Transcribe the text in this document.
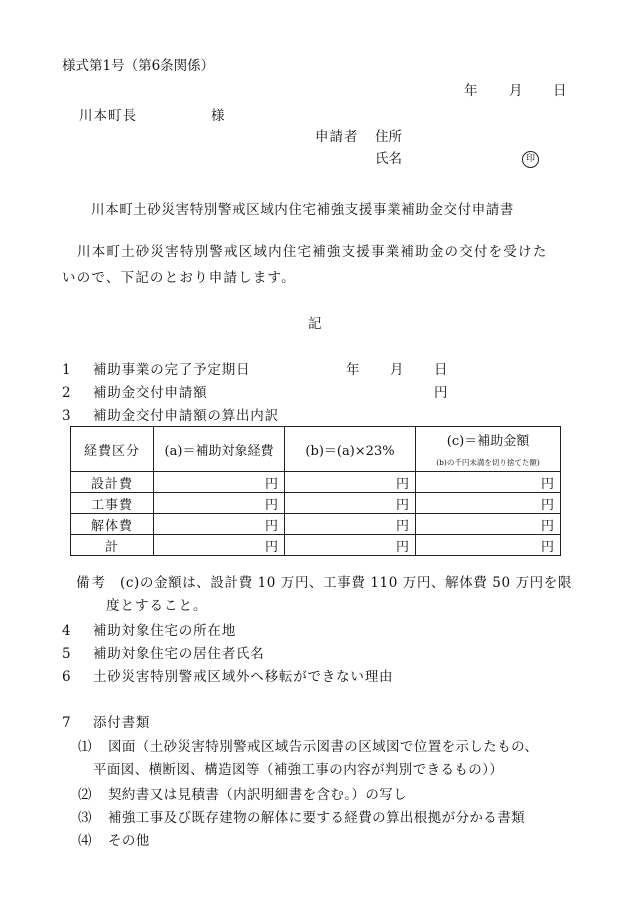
様式第1号（第6条関係）
年 月 日
川本町長	様
申請者 住所
氏名	印
川本町土砂災害特別警戒区域内住宅補強支援事業補助金交付申請書
川本町土砂災害特別警戒区域内住宅補強支援事業補助金の交付を受けた
いので、下記のとおり申請します。
記
1 補助事業の完了予定期日	年 月 日
2 補助金交付申請額	円
3 補助金交付申請額の算出内訳
経費区分	(a)＝補助対象経費	(b)＝(a)×23%	(c)＝補助金額
(b)の千円未満を切り捨てた額)

設計費	円	円	円
工事費	円	円	円
解体費	円	円	円
計	円	円	円
備考 (c)の金額は、設計費 10 万円、工事費 110 万円、解体費 50 万円を限
度とすること。
4 補助対象住宅の所在地
5 補助対象住宅の居住者氏名
6 土砂災害特別警戒区域外へ移転ができない理由
7 添付書類
⑴ 図面（土砂災害特別警戒区域告示図書の区域図で位置を示したもの、
平面図、横断図、構造図等（補強工事の内容が判別できるもの））
⑵ 契約書又は見積書（内訳明細書を含む。）の写し
⑶ 補強工事及び既存建物の解体に要する経費の算出根拠が分かる書類
⑷ その他
